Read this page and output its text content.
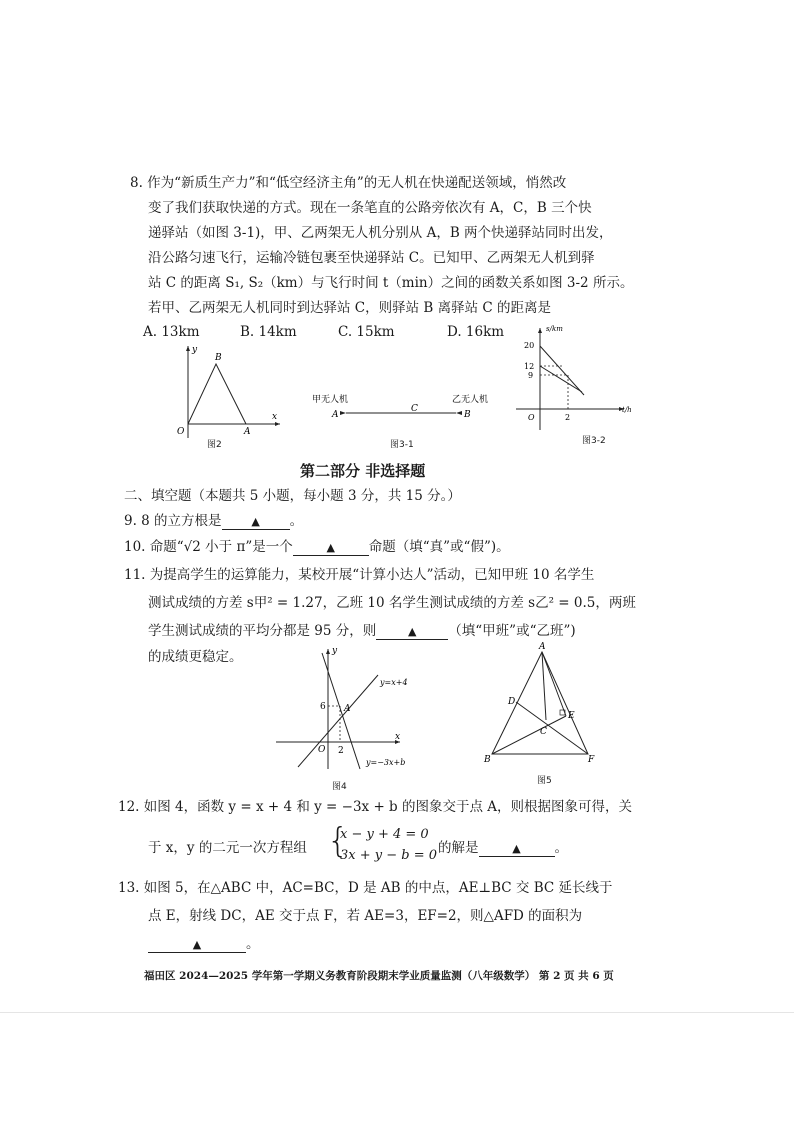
8. 作为“新质生产力”和“低空经济主角”的无人机在快递配送领域，悄然改
变了我们获取快递的方式。现在一条笔直的公路旁依次有 A，C，B 三个快
递驿站（如图 3-1)，甲、乙两架无人机分别从 A，B 两个快递驿站同时出发，
沿公路匀速飞行，运输冷链包裹至快递驿站 C。已知甲、乙两架无人机到驿
站 C 的距离 S₁, S₂（km）与飞行时间 t（min）之间的函数关系如图 3-2 所示。
若甲、乙两架无人机同时到达驿站 C，则驿站 B 离驿站 C 的距离是
A. 13km	B. 14km	C. 15km	D. 16km
y
x
O	A
B
图2
甲无人机	乙无人机
A
C
B
图3-1
s/km
t/h
20
12
9
2
O
图3-2
第二部分 非选择题
二、填空题（本题共 5 小题，每小题 3 分，共 15 分。）
9. 8 的立方根是	▲ 。
10. 命题“√2 小于 π”是一个	▲	命题（填“真”或“假”)。
11. 为提高学生的运算能力，某校开展“计算小达人”活动，已知甲班 10 名学生
测试成绩的方差 s甲² = 1.27，乙班 10 名学生测试成绩的方差 s乙² = 0.5，两班
学生测试成绩的平均分都是 95 分，则	▲ （填“甲班”或“乙班”)
的成绩更稳定。	y
x
O
6
2
A
y=x+4
y=−3x+b
图4
A
B
C
D
E
F
图5
12. 如图 4，函数 y = x + 4 和 y = −3x + b 的图象交于点 A，则根据图象可得，关
于 x，y 的二元一次方程组 {
x − y + 4 = 0
3x + y − b = 0 的解是	▲	。
13. 如图 5，在△ABC 中，AC=BC，D 是 AB 的中点，AE⊥BC 交 BC 延长线于
点 E，射线 DC，AE 交于点 F，若 AE=3，EF=2，则△AFD 的面积为
▲	。
福田区 2024—2025 学年第一学期义务教育阶段期末学业质量监测（八年级数学） 第 2 页 共 6 页
